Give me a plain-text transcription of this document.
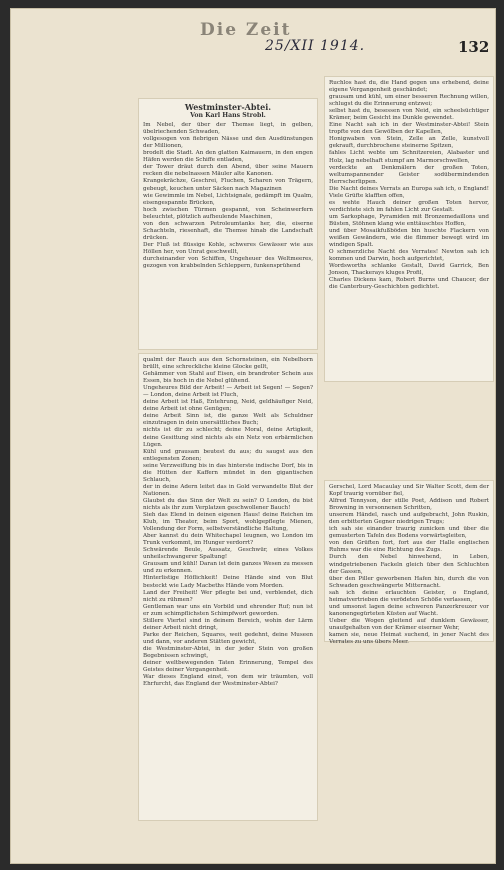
Die Zeit
25/XII 1914.	132
Westminster-Abtei.
Von Karl Hans Strobl.

Im Nebel, der über der Themse liegt, in gelben, übelriechenden Schwaden,

vollgesogen von fiebrigen Nässe und den Ausdünstungen der Millionen,

brodelt die Stadt. An den glatten Kaimauern, in den engen Häfen werden die Schiffe entladen,

der Tower dräut durch den Abend, über seine Mauern recken die nebelnassen Mäuler alte Kanonen.

Krangekrächze, Geschrei, Fluchen, Scharen von Trägern, gebeugt, keuchen unter Säcken nach Magazinen

wie Gewimmle im Nebel, Lichtsignale, gedämpft im Qualm, eisengespannte Brücken,

hoch zwischen Türmen gespannt, von Scheinwerfern beleuchtet, plötzlich aufheulende Maschinen,

von den schwarzen Petroleumtanks her, die, eiserne Schachteln, riesenhaft, die Themse hinab die Landschaft drücken.

Der Fluß ist flüssige Kohle, schweres Gewässer wie aus Höllen her, von Unrat geschwellt,

durcheinander von Schiffen, Ungeheuer des Weltmeeres, gezogen von krabbelnden Schleppern, funkensprühend

qualmt der Rauch aus den Schornsteinen, ein Nebelhorn brüllt, eine schreckliche kleine Glocke gellt,

Gehämmer von Stahl auf Eisen, ein brandroter Schein aus Essen, bis hoch in die Nebel glühend.

Ungeheures Bild der Arbeit! — Arbeit ist Segen! — Segen? — London, deine Arbeit ist Fluch,

deine Arbeit ist Haß, Entehrung, Neid, geldhäufiger Neid, deine Arbeit ist ohne Genügen;

deine Arbeit Sinn ist, die ganze Welt als Schuldner einzutragen in dein unersättliches Buch;

nichts ist dir zu schlecht; deine Moral, deine Artigkeit, deine Gesittung sind nichts als ein Netz von erbärmlichen Lügen.

Kühl und grausam beutest du aus; du saugst aus den entlegensten Zonen;

seine Verzweiflung bis in das hinterste indische Dorf, bis in die Hütten der Kaffern mündet in den gigantischen Schlauch,

der in deine Adern leitet das in Gold verwandelte Blut der Nationen.

Glaubst du das Sinn der Welt zu sein? O London, du bist nichts als ihr zum Verplatzen geschwollener Bauch!

Sieh das Elend in deinen eigenen Haus! deine Reichen im Klub, im Theater, beim Sport, wohlgepflegte Mienen, Vollendung der Form, selbstverständliche Haltung,

Aber kannst du dein Whitechapel leugnen, wo London im Trunk verkommt, im Hunger verdorrt?

Schwärende Beule, Aussatz, Geschwür, eines Volkes unheilschwangerer Spaltung!

Grausam und kühl! Daran ist dein ganzes Wesen zu messen und zu erkennen.

Hinterlistige Höflichkeit! Deine Hände sind von Blut besteckt wie Lady Macbeths Hände vom Morden.

Land der Freiheit! Wer pflegte bei und, verblendet, dich nicht zu rühmen?

Gentleman war uns ein Vorbild und ehrender Ruf; nun ist er zum schimpflichsten Schimpfwort geworden.

Stillere Viertel sind in deinem Bereich, wohin der Lärm deiner Arbeit nicht dringt,

Parke der Reichen, Squares, weit gedehnt, deine Museen und dann, vor anderen Stätten gewicht,

die Westminster-Abtei, in der jeder Stein von großen Begebnissen schwingt,

deiner weltbewegenden Taten Erinnerung, Tempel des Geistes deiner Vergangenheit.

War dieses England einst, von dem wir träumten, voll Ehrfurcht, das England der Westminster-Abtei?

Ruchlos hast du, die Hand gegen uns erhebend, deine eigene Vergangenheit geschändet;

grausam und kühl, um einer besseren Rechnung willen, schlugst du die Erinnerung entzwei;

selbst hast du, besessen von Neid, ein scheelsüchtiger Krämer, beim Gesicht ins Dunkle gewendet.

Eine Nacht sah ich in der Westminster-Abtei! Stein tropfte von den Gewölben der Kapellen,

Honigwaben von Stein, Zelle an Zelle, kunstvoll gekrauft, durchbrochene steinerne Spitzen,

fahles Licht webte um Schnitzereien, Alabaster und Holz, lag nebelhaft stumpf am Marmorschwellen,

verdeckte an Denkmälern der großen Toten, weltumspannender Geister sodübermindenden Herrscherlippen.

Die Nacht deines Verrats an Europa sah ich, o England! Viele Grüfte klafften offen,

es wehte Hauch deiner großen Toten hervor, verdichtete sich im fahlen Licht zur Gestalt.

um Sarkophage, Pyramiden mit Bronzemedaillons und Büsten, Stöhnen klang wie enttäuschtes Hoffen,

und über Mosaikfußböden bin huschte Flackern von weißen Gewändern, wie die flimmer bewegt wird im windigen Spalt.

O schmerzliche Nacht des Verrates! Newton sah ich kommen und Darwin, hoch aufgerichtet,

Wordsworths schlanke Gestalt, David Garrick, Ben Jonson, Thackerays kluges Profil,

Charles Dickens kam, Robert Burns und Chaucer, der die Canterbury-Geschichten gedichtet.

Gerschel, Lord Macaulay und Sir Walter Scott, dem der Kopf traurig vornüber fiel,

Alfred Tennyson, der stille Poet, Addison und Robert Browning in versonnenen Schritten,

unserem Händel, rasch und aufgebracht, John Ruskin, den erbitterten Gegner niedrigen Trugs;

ich sah sie einander traurig zunicken und über die gemusterten Tafeln des Bodens vorwärtsgleiten,

von den Grüften fort, fort aus der Halle englischen Ruhms war die eine Richtung des Zugs.

Durch den Nebel hinwehend, in Leben, windgetriebenen Fackeln gleich über den Schluchten der Gassen,

über den Piller geworbenen Hafen hin, durch die von Schwaden geschwängerte Mitternacht.

sah ich deine erlauchten Geister, o England, heimatvertrieben die verödeten Schöße verlassen,

und umsonst lagen deine schweren Panzerkreuzer vor kanonengegürteten Küsten auf Wacht.

Ueber die Wogen gleitend auf dunklem Gewässer, unaufgehalten von der Krämer eiserner Wehr,

kamen sie, neue Heimat suchend, in jener Nacht des Verrates zu uns übers Meer.
